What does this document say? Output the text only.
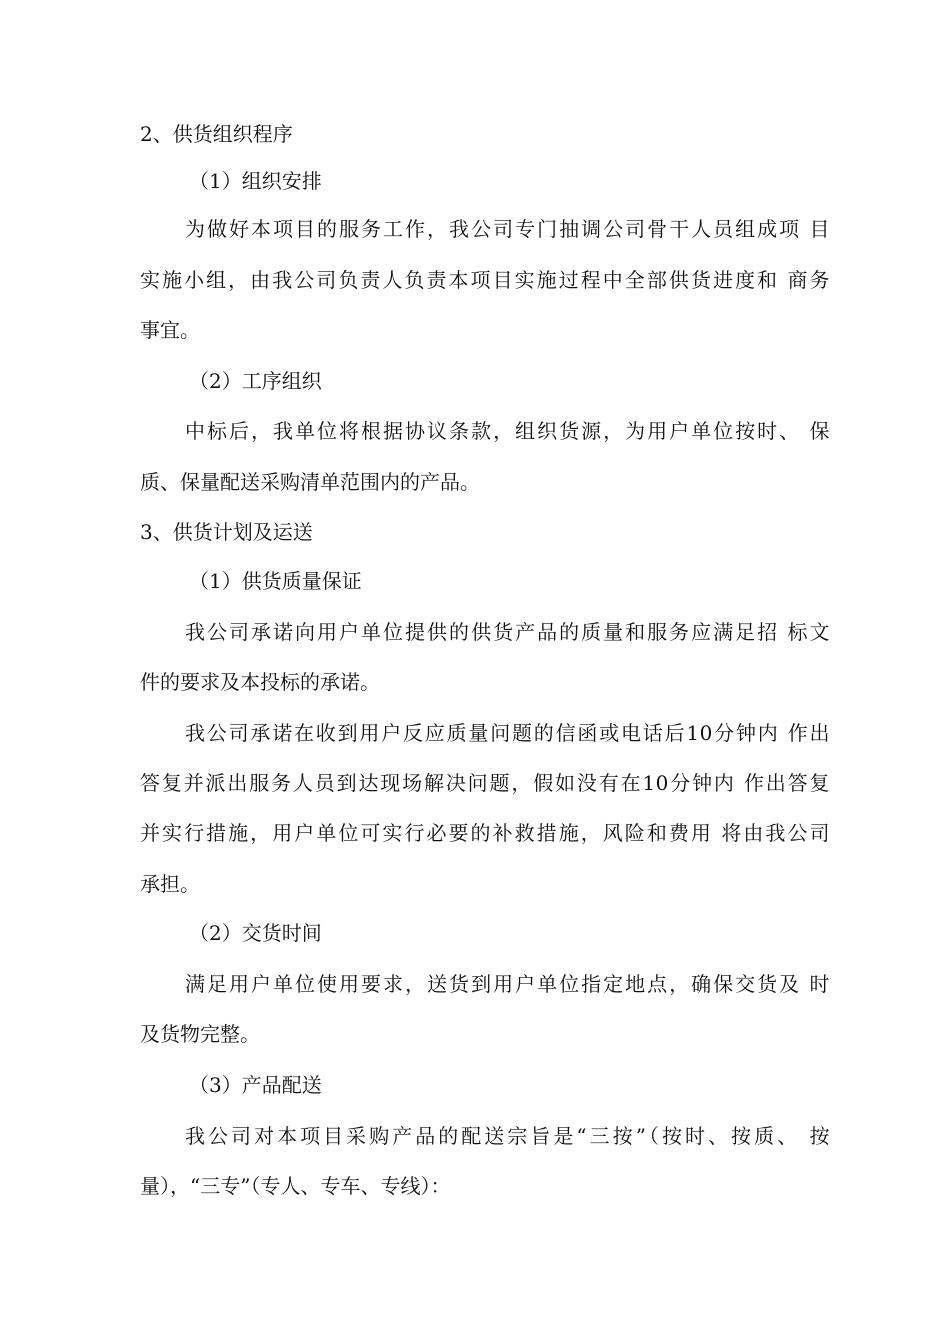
2、供货组织程序
（1）组织安排
为做好本项目的服务工作，我公司专门抽调公司骨干人员组成项 目
实施小组，由我公司负责人负责本项目实施过程中全部供货进度和 商务
事宜。
（2）工序组织
中标后，我单位将根据协议条款，组织货源，为用户单位按时、 保
质、保量配送采购清单范围内的产品。
3、供货计划及运送
（1）供货质量保证
我公司承诺向用户单位提供的供货产品的质量和服务应满足招 标文
件的要求及本投标的承诺。
我公司承诺在收到用户反应质量问题的信函或电话后10分钟内 作出
答复并派出服务人员到达现场解决问题，假如没有在10分钟内 作出答复
并实行措施，用户单位可实行必要的补救措施，风险和费用 将由我公司
承担。
（2）交货时间
满足用户单位使用要求，送货到用户单位指定地点，确保交货及 时
及货物完整。
（3）产品配送
我公司对本项目采购产品的配送宗旨是“三按”（按时、按质、 按
量），“三专”（专人、专车、专线）：
